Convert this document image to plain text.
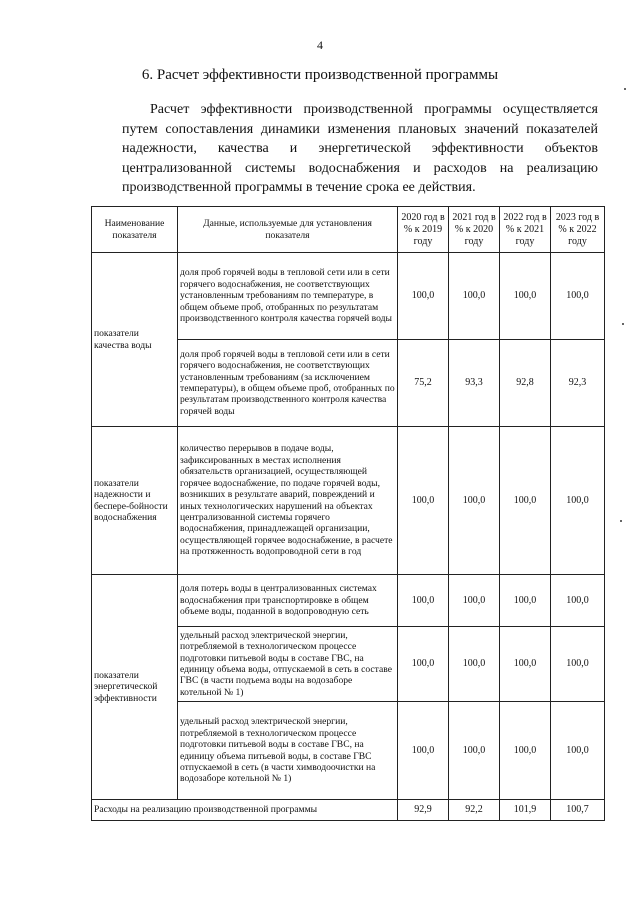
4
6. Расчет эффективности производственной программы
Расчет эффективности производственной программы осуществляется путем сопоставления динамики изменения плановых значений показателей надежности, качества и энергетической эффективности объектов централизованной системы водоснабжения и расходов на реализацию производственной программы в течение срока ее действия.
Наименование показателя	Данные, используемые для установления показателя	2020 год в % к 2019 году	2021 год в % к 2020 году	2022 год в % к 2021 году	2023 год в % к 2022 году
показатели качества воды	доля проб горячей воды в тепловой сети или в сети горячего водоснабжения, не соответствующих установленным требованиям по температуре, в общем объеме проб, отобранных по результатам производственного контроля качества горячей воды	100,0	100,0	100,0	100,0
	доля проб горячей воды в тепловой сети или в сети горячего водоснабжения, не соответствующих установленным требованиям (за исключением температуры), в общем объеме проб, отобранных по результатам производственного контроля качества горячей воды	75,2	93,3	92,8	92,3
показатели надежности и беспере-бойности водоснабжения	количество перерывов в подаче воды, зафиксированных в местах исполнения обязательств организацией, осуществляющей горячее водоснабжение, по подаче горячей воды, возникших в результате аварий, повреждений и иных технологических нарушений на объектах централизованной системы горячего водоснабжения, принадлежащей организации, осуществляющей горячее водоснабжение, в расчете на протяженность водопроводной сети в год	100,0	100,0	100,0	100,0
показатели энергетической эффективности	доля потерь воды в централизованных системах водоснабжения при транспортировке в общем объеме воды, поданной в водопроводную сеть	100,0	100,0	100,0	100,0
	удельный расход электрической энергии, потребляемой в технологическом процессе подготовки питьевой воды в составе ГВС, на единицу объема воды, отпускаемой в сеть в составе ГВС (в части подъема воды на водозаборе котельной № 1)	100,0	100,0	100,0	100,0
	удельный расход электрической энергии, потребляемой в технологическом процессе подготовки питьевой воды в составе ГВС, на единицу объема питьевой воды, в составе ГВС отпускаемой в сеть (в части химводоочистки на водозаборе котельной № 1)	100,0	100,0	100,0	100,0
Расходы на реализацию производственной программы		92,9	92,2	101,9	100,7
